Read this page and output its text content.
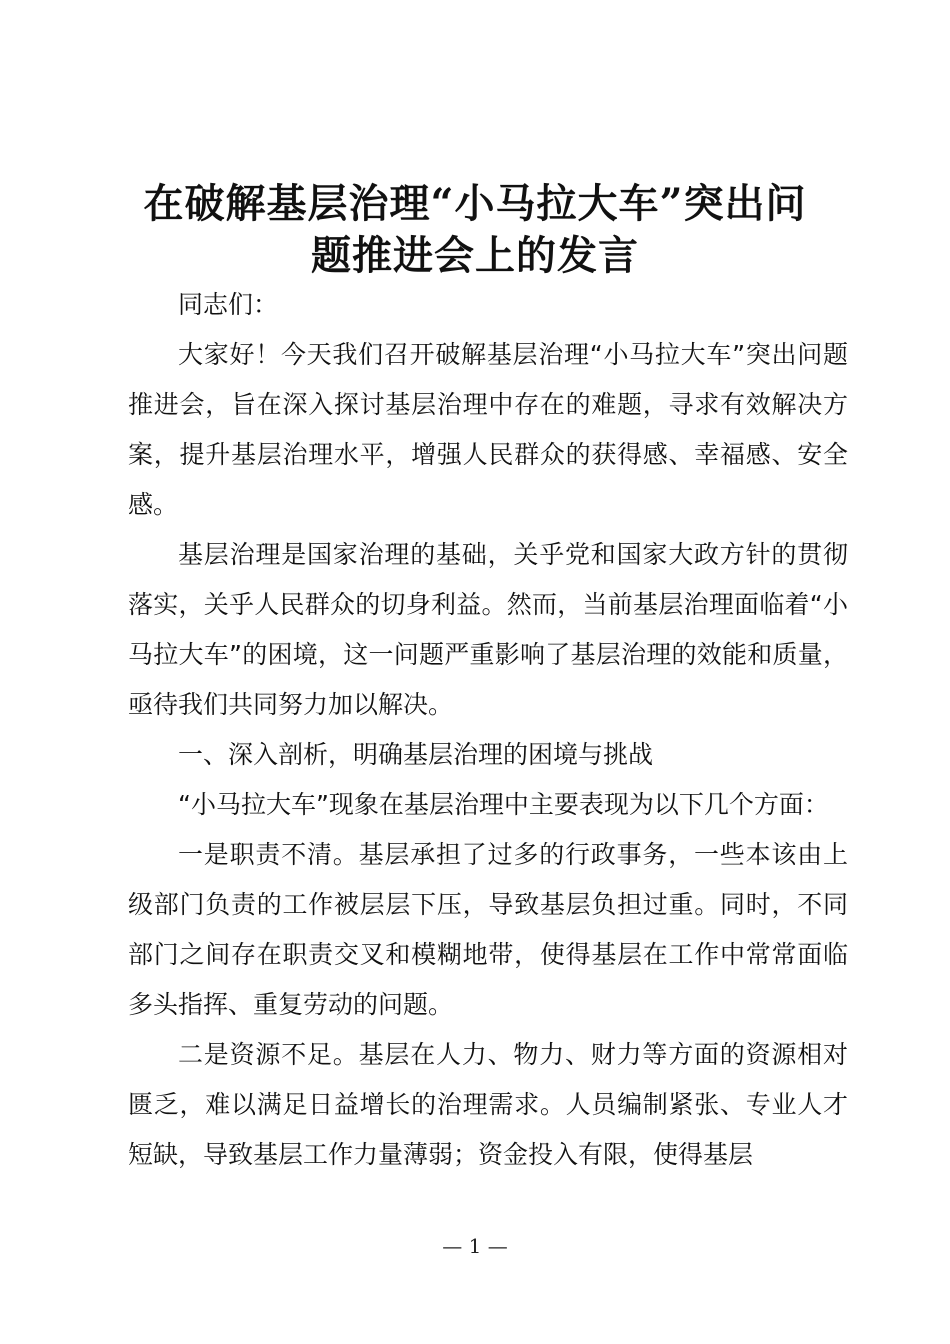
在破解基层治理“小马拉大车”突出问
题推进会上的发言

同志们：

大家好！今天我们召开破解基层治理“小马拉大车”突出问题推进会，旨在深入探讨基层治理中存在的难题，寻求有效解决方案，提升基层治理水平，增强人民群众的获得感、幸福感、安全感。

基层治理是国家治理的基础，关乎党和国家大政方针的贯彻落实，关乎人民群众的切身利益。然而，当前基层治理面临着“小马拉大车”的困境，这一问题严重影响了基层治理的效能和质量，亟待我们共同努力加以解决。

一、深入剖析，明确基层治理的困境与挑战

“小马拉大车”现象在基层治理中主要表现为以下几个方面：

一是职责不清。基层承担了过多的行政事务，一些本该由上级部门负责的工作被层层下压，导致基层负担过重。同时，不同部门之间存在职责交叉和模糊地带，使得基层在工作中常常面临多头指挥、重复劳动的问题。

二是资源不足。基层在人力、物力、财力等方面的资源相对匮乏，难以满足日益增长的治理需求。人员编制紧张、专业人才短缺，导致基层工作力量薄弱；资金投入有限，使得基层

— 1 —
